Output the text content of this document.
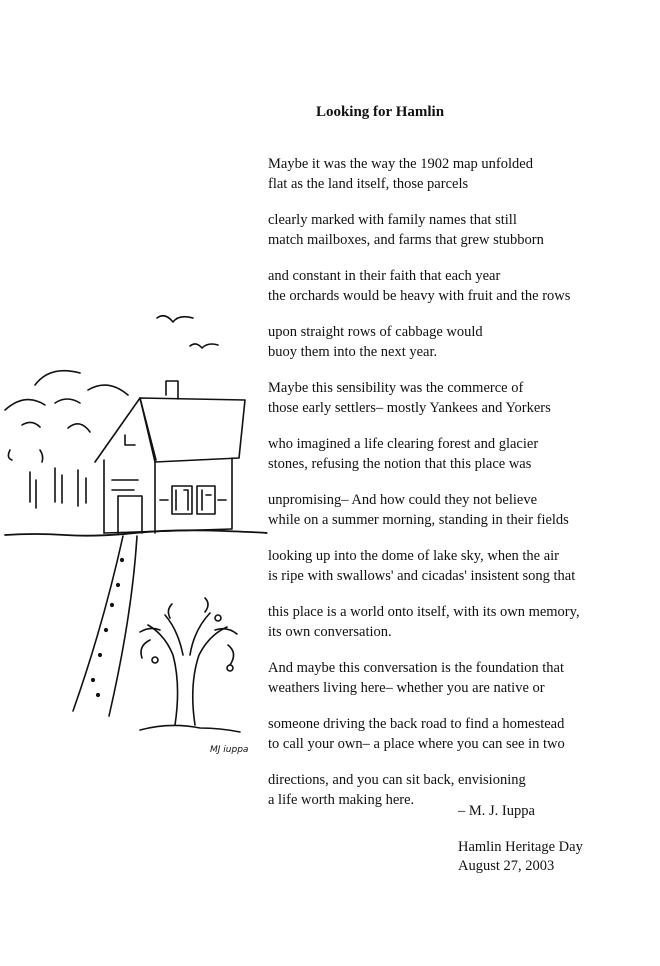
Looking for Hamlin
Maybe it was the way the 1902 map unfolded
flat as the land itself, those parcels
clearly marked with family names that still
match mailboxes, and farms that grew stubborn
and constant in their faith that each year
the orchards would be heavy with fruit and the rows
upon straight rows of cabbage would
buoy them into the next year.
Maybe this sensibility was the commerce of
those early settlers– mostly Yankees and Yorkers
who imagined a life clearing forest and glacier
stones, refusing the notion that this place was
unpromising– And how could they not believe
while on a summer morning, standing in their fields
looking up into the dome of lake sky, when the air
is ripe with swallows' and cicadas' insistent song that
this place is a world onto itself, with its own memory,
its own conversation.
And maybe this conversation is the foundation that
weathers living here– whether you are native or
someone driving the back road to find a homestead
to call your own– a place where you can see in two
directions, and you can sit back, envisioning
a life worth making here.
– M. J. Iuppa
Hamlin Heritage Day
August 27, 2003
MJ iuppa
